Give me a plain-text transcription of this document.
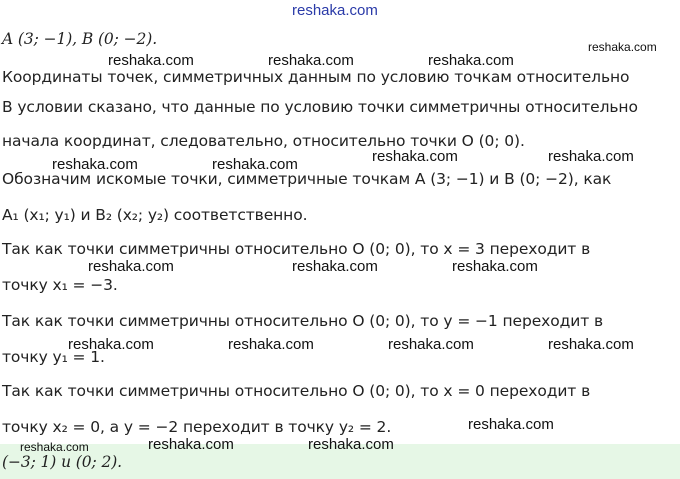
reshaka.com
A (3; −1), B (0; −2).
Координаты точек, симметричных данным по условию точкам относительно
В условии сказано, что данные по условию точки симметричны относительно
начала координат, следовательно, относительно точки O (0; 0).
Обозначим искомые точки, симметричные точкам A (3; −1) и B (0; −2), как
A₁ (x₁; y₁) и B₂ (x₂; y₂) соответственно.
Так как точки симметричны относительно O (0; 0), то x = 3 переходит в
точку x₁ = −3.
Так как точки симметричны относительно O (0; 0), то y = −1 переходит в
точку y₁ = 1.
Так как точки симметричны относительно O (0; 0), то x = 0 переходит в
точку x₂ = 0, а y = −2 переходит в точку y₂ = 2.
(−3; 1) и (0; 2).
reshaka.com	reshaka.com	reshaka.com
reshaka.com
reshaka.com	reshaka.com	reshaka.com	reshaka.com
reshaka.com	reshaka.com	reshaka.com
reshaka.com	reshaka.com	reshaka.com	reshaka.com
reshaka.com
reshaka.com	reshaka.com	reshaka.com
